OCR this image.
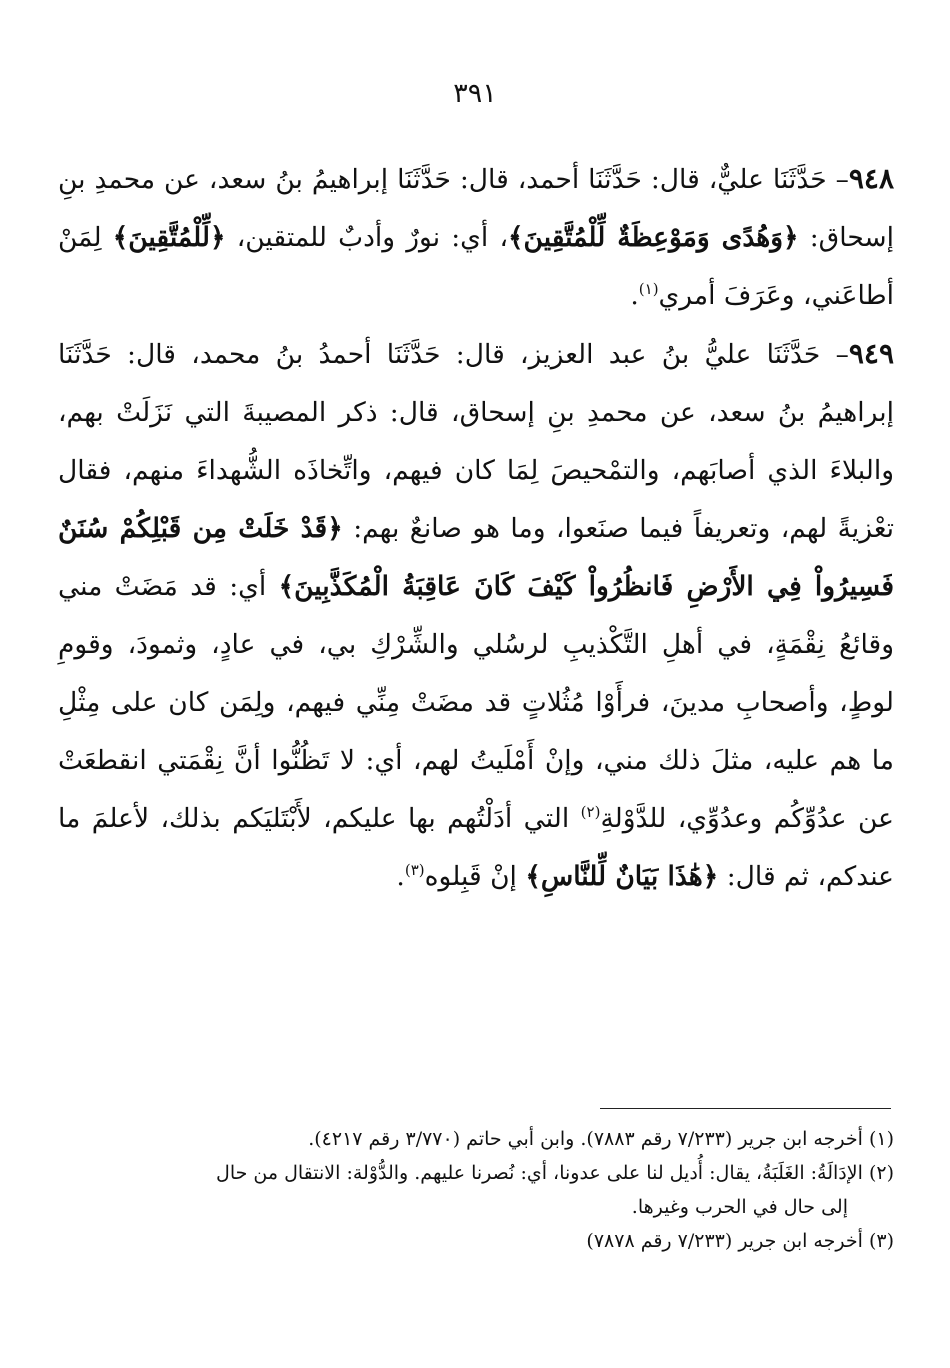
٣٩١

٩٤٨– حَدَّثَنَا عليٌّ، قال: حَدَّثَنَا أحمد، قال: حَدَّثَنَا إبراهيمُ بنُ سعد، عن محمدِ بنِ إسحاق: ﴿وَهُدًى وَمَوْعِظَةٌ لِّلْمُتَّقِينَ﴾، أي: نورٌ وأدبٌ للمتقين، ﴿لِّلْمُتَّقِينَ﴾ لِمَنْ أطاعَني، وعَرَفَ أمري$^{(١)}$.

٩٤٩– حَدَّثَنَا عليُّ بنُ عبد العزيز، قال: حَدَّثَنَا أحمدُ بنُ محمد، قال: حَدَّثَنَا إبراهيمُ بنُ سعد، عن محمدِ بنِ إسحاق، قال: ذكر المصيبةَ التي نَزَلَتْ بهم، والبلاءَ الذي أصابَهم، والتمْحيصَ لِمَا كان فيهم، واتِّخاذَه الشُّهداءَ منهم، فقال تعْزيةً لهم، وتعريفاً فيما صنَعوا، وما هو صانعٌ بهم: ﴿قَدْ خَلَتْ مِن قَبْلِكُمْ سُنَنٌ فَسِيرُواْ فِي الأَرْضِ فَانظُرُواْ كَيْفَ كَانَ عَاقِبَةُ الْمُكَذَّبِينَ﴾ أي: قد مَضَتْ مني وقائعُ نِقْمَةٍ، في أهلِ التَّكْذيبِ لرسُلي والشِّرْكِ بي، في عادٍ، وثمودَ، وقومِ لوطٍ، وأصحابِ مدينَ، فرأَوْا مُثُلاتٍ قد مضَتْ مِنِّي فيهم، ولِمَن كان على مِثْلِ ما هم عليه، مثلَ ذلك مني، وإنْ أَمْلَيتُ لهم، أي: لا تَظُنُّوا أنَّ نِقْمَتي انقطعَتْ عن عدُوِّكُم وعدُوِّي، للدَّوْلةِ$^{(٢)}$ التي أدَلْتُهم بها عليكم، لأَبْتَليَكم بذلك، لأعلمَ ما عندكم، ثم قال: ﴿هَٰذَا بَيَانٌ لِّلنَّاسِ﴾ إنْ قَبِلوه$^{(٣)}$.

(١) أخرجه ابن جرير (٧/٢٣٣ رقم ٧٨٨٣). وابن أبي حاتم (٣/٧٧٠ رقم ٤٢١٧).

(٢) الإدَالَةُ: الغَلَبَةُ، يقال: أُديل لنا على عدونا، أي: نُصرنا عليهم. والدُّوْلة: الانتقال من حال
إلى حال في الحرب وغيرها.

(٣) أخرجه ابن جرير (٧/٢٣٣ رقم ٧٨٧٨)
